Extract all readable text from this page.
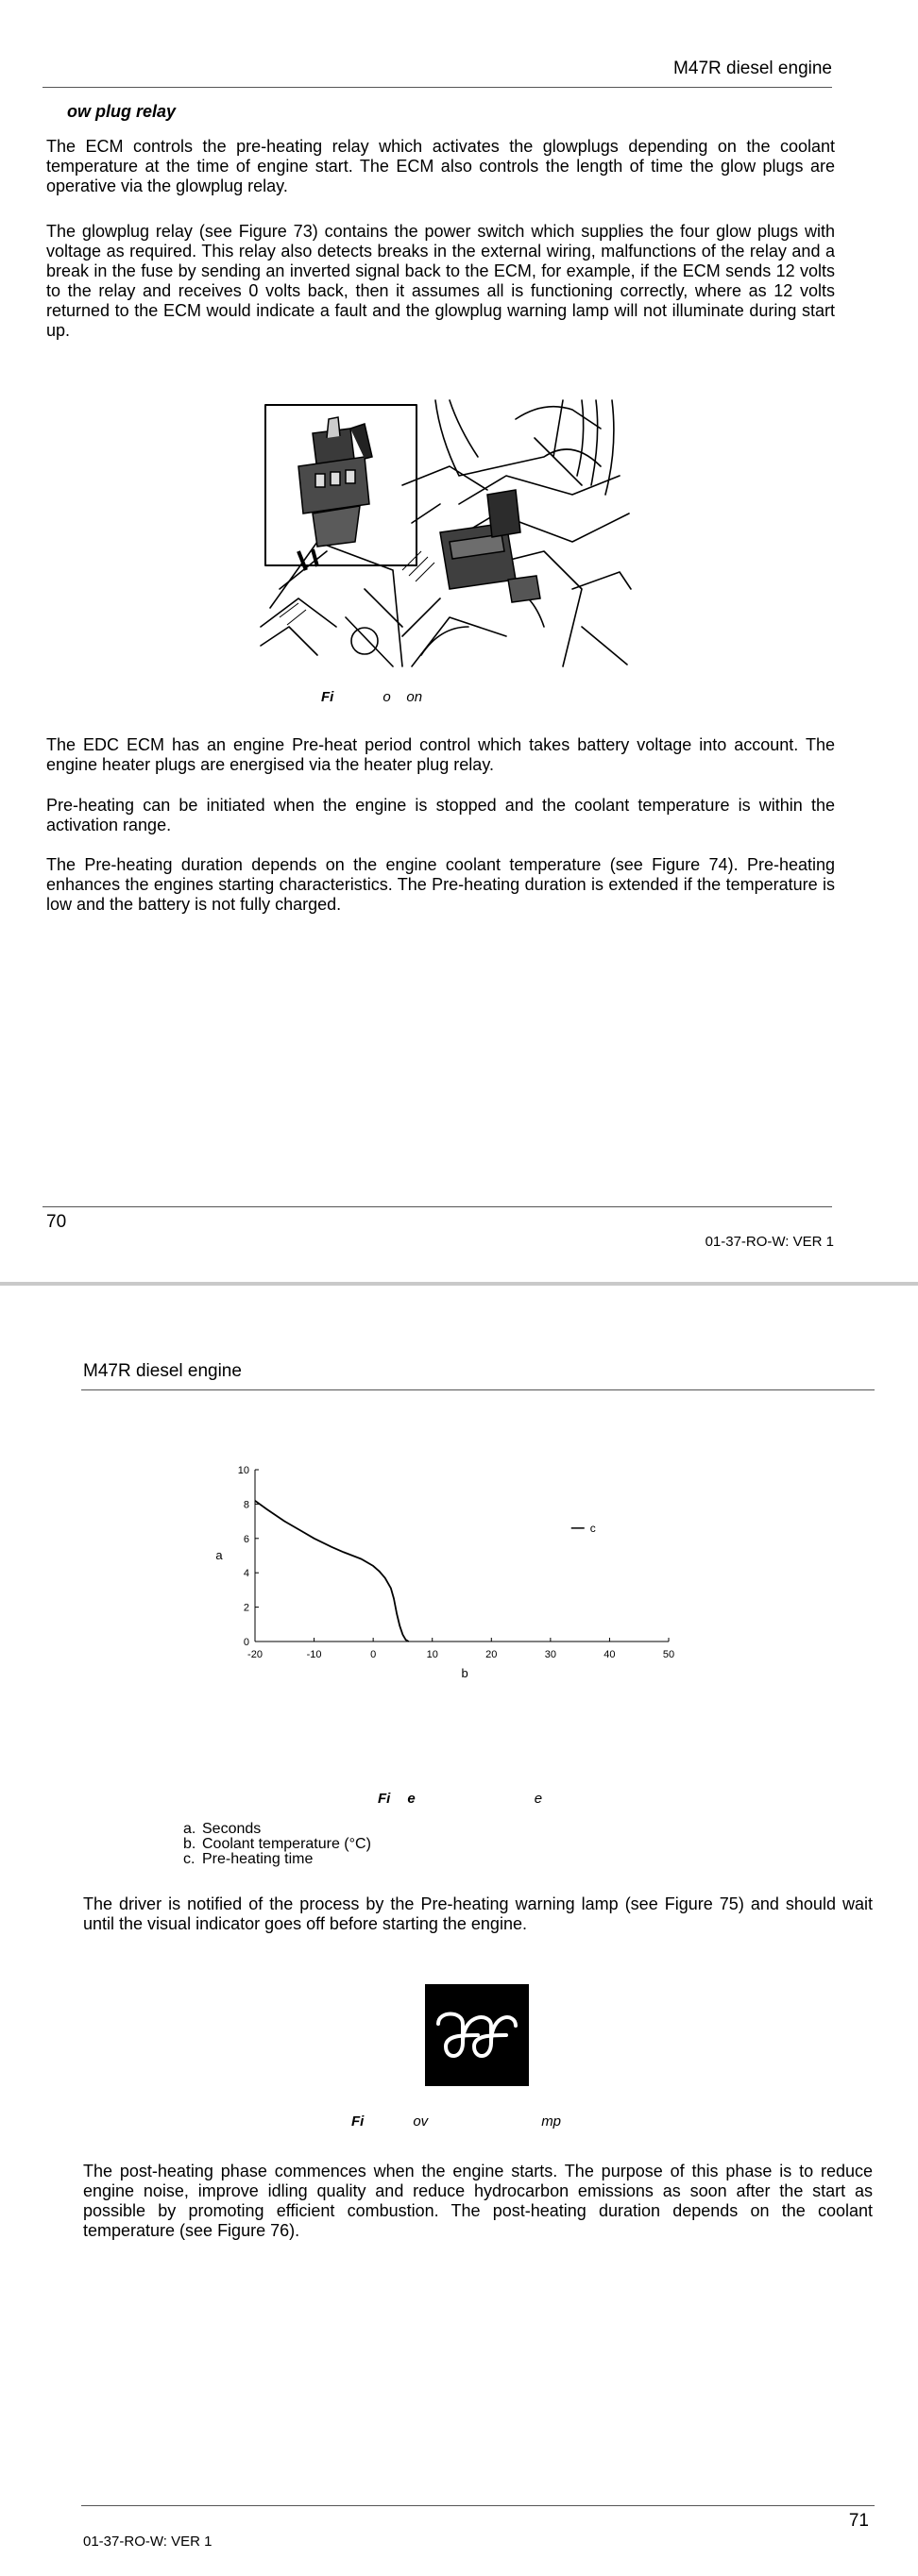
M47R diesel engine
ow plug relay

The ECM controls the pre-heating relay which activates the glowplugs depending on the coolant temperature at the time of engine start. The ECM also controls the length of time the glow plugs are operative via the glowplug relay.

The glowplug relay (see Figure 73) contains the power switch which supplies the four glow plugs with voltage as required. This relay also detects breaks in the external wiring, malfunctions of the relay and a break in the fuse by sending an inverted signal back to the ECM, for example, if the ECM sends 12 volts to the relay and receives 0 volts back, then it assumes all is functioning correctly, where as 12 volts returned to the ECM would indicate a fault and the glowplug warning lamp will not illuminate during start up.

Fi	o    on

The EDC ECM has an engine Pre-heat period control which takes battery voltage into account. The engine heater plugs are energised via the heater plug relay.

Pre-heating can be initiated when the engine is stopped and the coolant temperature is within the activation range.

The Pre-heating duration depends on the engine coolant temperature (see Figure 74). Pre-heating enhances the engines starting characteristics. The Pre-heating duration is extended if the temperature is low and the battery is not fully charged.

70
01-37-RO-W: VER 1
M47R diesel engine
0
2
4
6
8
10
-20	-10	0	10	20	30	40	50
c
a
b
Fi e	e
a. Seconds
b. Coolant temperature (°C)
c. Pre-heating time

The driver is notified of the process by the Pre-heating warning lamp (see Figure 75) and should wait until the visual indicator goes off before starting the engine.

Fi	ov	mp

The post-heating phase commences when the engine starts. The purpose of this phase is to reduce engine noise, improve idling quality and reduce hydrocarbon emissions as soon after the start as possible by promoting efficient combustion. The post-heating duration depends on the coolant temperature (see Figure 76).

71
01-37-RO-W: VER 1
